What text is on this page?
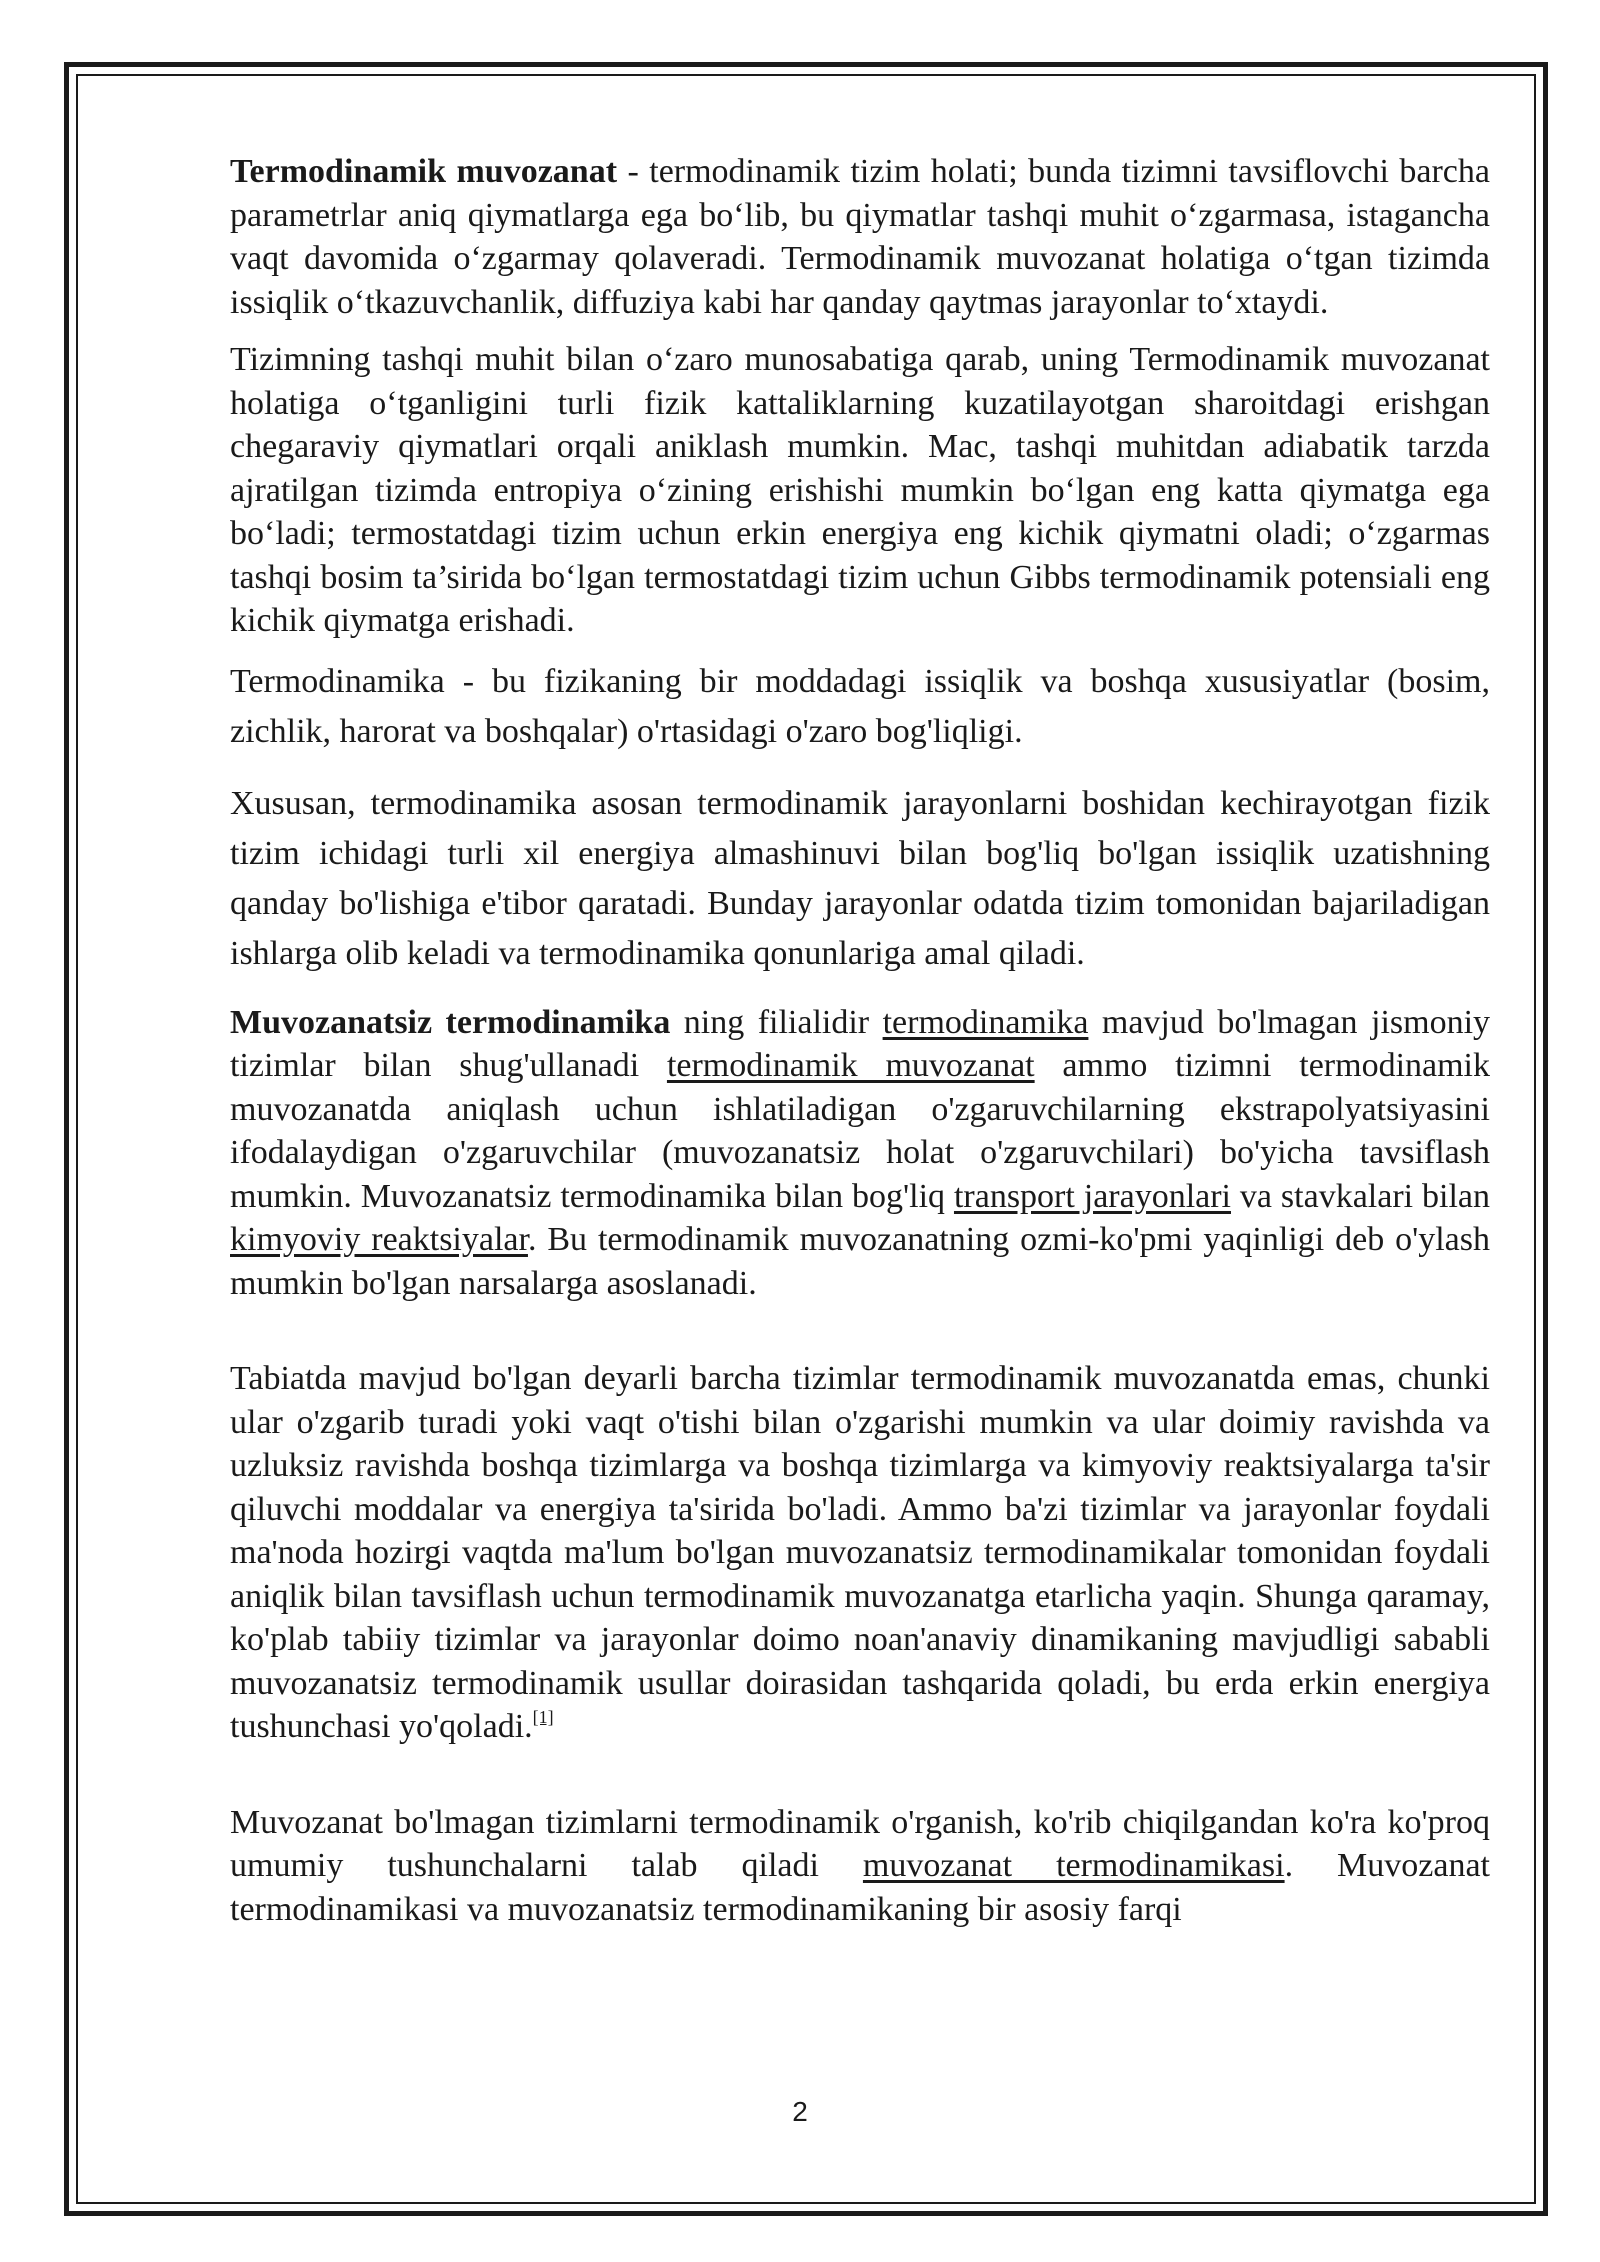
Termodinamik muvozanat - termodinamik tizim holati; bunda tizimni tavsiflovchi barcha parametrlar aniq qiymatlarga ega bo‘lib, bu qiymatlar tashqi muhit o‘zgarmasa, istagancha vaqt davomida o‘zgarmay qolaveradi. Termodinamik muvozanat holatiga o‘tgan tizimda issiqlik o‘tkazuvchanlik, diffuziya kabi har qanday qaytmas jarayonlar to‘xtaydi.

Tizimning tashqi muhit bilan o‘zaro munosabatiga qarab, uning Termodinamik muvozanat holatiga o‘tganligini turli fizik kattaliklarning kuzatilayotgan sharoitdagi erishgan chegaraviy qiymatlari orqali aniklash mumkin. Mac, tashqi muhitdan adiabatik tarzda ajratilgan tizimda entropiya o‘zining erishishi mumkin bo‘lgan eng katta qiymatga ega bo‘ladi; termostatdagi tizim uchun erkin energiya eng kichik qiymatni oladi; o‘zgarmas tashqi bosim ta’sirida bo‘lgan termostatdagi tizim uchun Gibbs termodinamik potensiali eng kichik qiymatga erishadi.

Termodinamika - bu fizikaning bir moddadagi issiqlik va boshqa xususiyatlar (bosim, zichlik, harorat va boshqalar) o'rtasidagi o'zaro bog'liqligi.

Xususan, termodinamika asosan termodinamik jarayonlarni boshidan kechirayotgan fizik tizim ichidagi turli xil energiya almashinuvi bilan bog'liq bo'lgan issiqlik uzatishning qanday bo'lishiga e'tibor qaratadi. Bunday jarayonlar odatda tizim tomonidan bajariladigan ishlarga olib keladi va termodinamika qonunlariga amal qiladi.

Muvozanatsiz termodinamika ning filialidir termodinamika mavjud bo'lmagan jismoniy tizimlar bilan shug'ullanadi termodinamik muvozanat ammo tizimni termodinamik muvozanatda aniqlash uchun ishlatiladigan o'zgaruvchilarning ekstrapolyatsiyasini ifodalaydigan o'zgaruvchilar (muvozanatsiz holat o'zgaruvchilari) bo'yicha tavsiflash mumkin. Muvozanatsiz termodinamika bilan bog'liq transport jarayonlari va stavkalari bilan kimyoviy reaktsiyalar. Bu termodinamik muvozanatning ozmi-ko'pmi yaqinligi deb o'ylash mumkin bo'lgan narsalarga asoslanadi.

Tabiatda mavjud bo'lgan deyarli barcha tizimlar termodinamik muvozanatda emas, chunki ular o'zgarib turadi yoki vaqt o'tishi bilan o'zgarishi mumkin va ular doimiy ravishda va uzluksiz ravishda boshqa tizimlarga va boshqa tizimlarga va kimyoviy reaktsiyalarga ta'sir qiluvchi moddalar va energiya ta'sirida bo'ladi. Ammo ba'zi tizimlar va jarayonlar foydali ma'noda hozirgi vaqtda ma'lum bo'lgan muvozanatsiz termodinamikalar tomonidan foydali aniqlik bilan tavsiflash uchun termodinamik muvozanatga etarlicha yaqin. Shunga qaramay, ko'plab tabiiy tizimlar va jarayonlar doimo noan'anaviy dinamikaning mavjudligi sababli muvozanatsiz termodinamik usullar doirasidan tashqarida qoladi, bu erda erkin energiya tushunchasi yo'qoladi.[1]

Muvozanat bo'lmagan tizimlarni termodinamik o'rganish, ko'rib chiqilgandan ko'ra ko'proq umumiy tushunchalarni talab qiladi muvozanat termodinamikasi. Muvozanat termodinamikasi va muvozanatsiz termodinamikaning bir asosiy farqi

2
